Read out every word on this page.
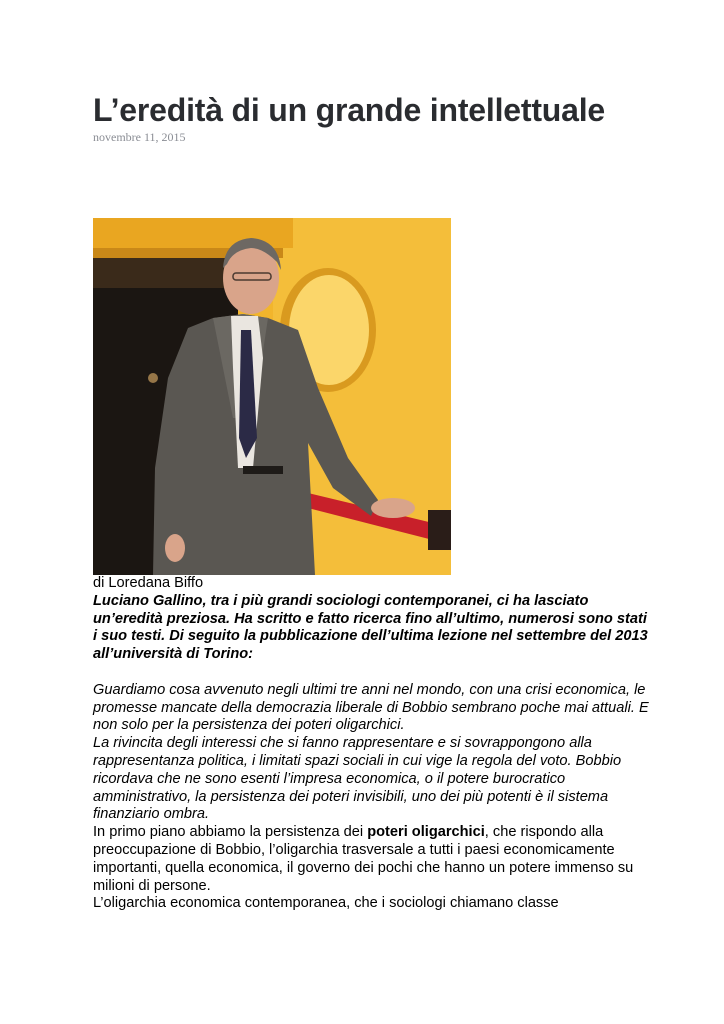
L’eredità di un grande intellettuale
novembre 11, 2015

di Loredana Biffo

Luciano Gallino, tra i più grandi sociologi contemporanei, ci ha lasciato un’eredità preziosa. Ha scritto e fatto ricerca fino all’ultimo, numerosi sono stati i suo testi. Di seguito la pubblicazione dell’ultima lezione nel settembre del 2013 all’università di Torino:

Guardiamo cosa avvenuto negli ultimi tre anni nel mondo, con una crisi economica, le promesse mancate della democrazia liberale di Bobbio sembrano poche mai attuali. E non solo per la persistenza dei poteri oligarchici.

La rivincita degli interessi che si fanno rappresentare e si sovrappongono alla rappresentanza politica, i limitati spazi sociali in cui vige la regola del voto. Bobbio ricordava che ne sono esenti l’impresa economica, o il potere burocratico amministrativo, la persistenza dei poteri invisibili, uno dei più potenti è il sistema finanziario ombra.

In primo piano abbiamo la persistenza dei poteri oligarchici, che rispondo alla preoccupazione di Bobbio, l’oligarchia trasversale a tutti i paesi economicamente importanti, quella economica, il governo dei pochi che hanno un potere immenso su milioni di persone.

L’oligarchia economica contemporanea, che i sociologi chiamano classe
